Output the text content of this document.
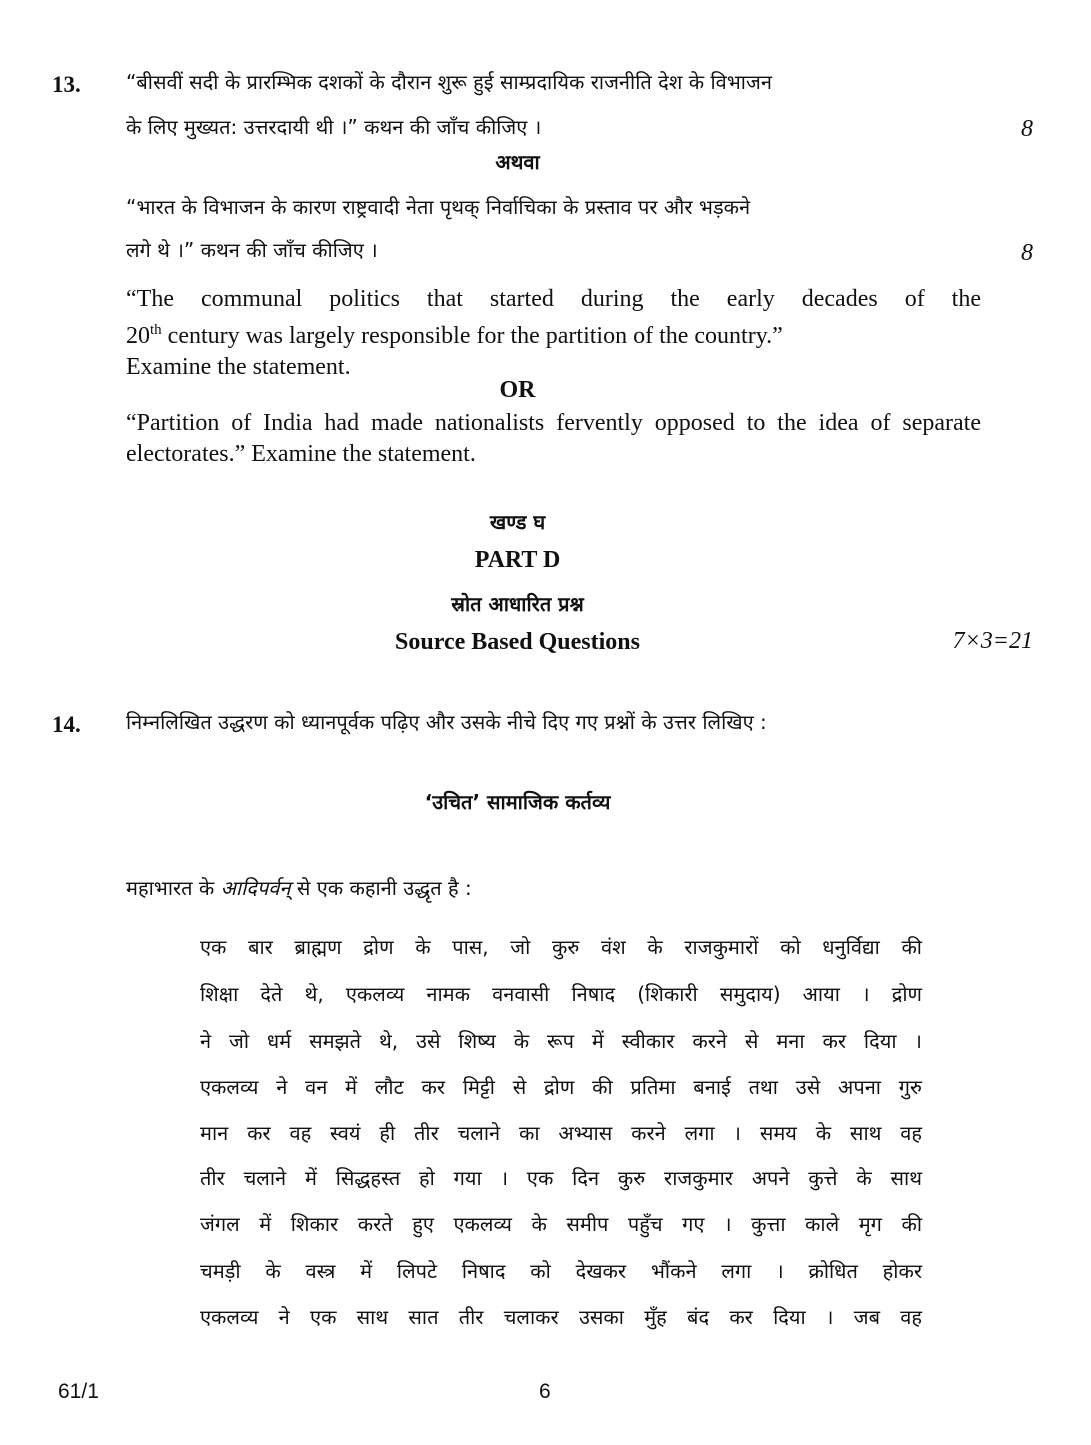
13. “बीसवीं सदी के प्रारम्भिक दशकों के दौरान शुरू हुई साम्प्रदायिक राजनीति देश के विभाजन
के लिए मुख्यत: उत्तरदायी थी ।” कथन की जाँच कीजिए ।	8
अथवा
“भारत के विभाजन के कारण राष्ट्रवादी नेता पृथक् निर्वाचिका के प्रस्ताव पर और भड़कने
लगे थे ।” कथन की जाँच कीजिए ।	8
“The communal politics that started during the early decades of the
20th century was largely responsible for the partition of the country.”
Examine the statement.
OR
“Partition of India had made nationalists fervently opposed to the idea of separate electorates.” Examine the statement.
खण्ड घ
PART D
स्रोत आधारित प्रश्न
Source Based Questions	7×3=21
14. निम्नलिखित उद्धरण को ध्यानपूर्वक पढ़िए और उसके नीचे दिए गए प्रश्नों के उत्तर लिखिए :
‘उचित’ सामाजिक कर्तव्य
महाभारत के आदिपर्वन् से एक कहानी उद्धृत है :
एक बार ब्राह्मण द्रोण के पास, जो कुरु वंश के राजकुमारों को धनुर्विद्या की
शिक्षा देते थे, एकलव्य नामक वनवासी निषाद (शिकारी समुदाय) आया । द्रोण
ने जो धर्म समझते थे, उसे शिष्य के रूप में स्वीकार करने से मना कर दिया ।
एकलव्य ने वन में लौट कर मिट्टी से द्रोण की प्रतिमा बनाई तथा उसे अपना गुरु
मान कर वह स्वयं ही तीर चलाने का अभ्यास करने लगा । समय के साथ वह
तीर चलाने में सिद्धहस्त हो गया । एक दिन कुरु राजकुमार अपने कुत्ते के साथ
जंगल में शिकार करते हुए एकलव्य के समीप पहुँच गए । कुत्ता काले मृग की
चमड़ी के वस्त्र में लिपटे निषाद को देखकर भौंकने लगा । क्रोधित होकर
एकलव्य ने एक साथ सात तीर चलाकर उसका मुँह बंद कर दिया । जब वह
61/1	6
